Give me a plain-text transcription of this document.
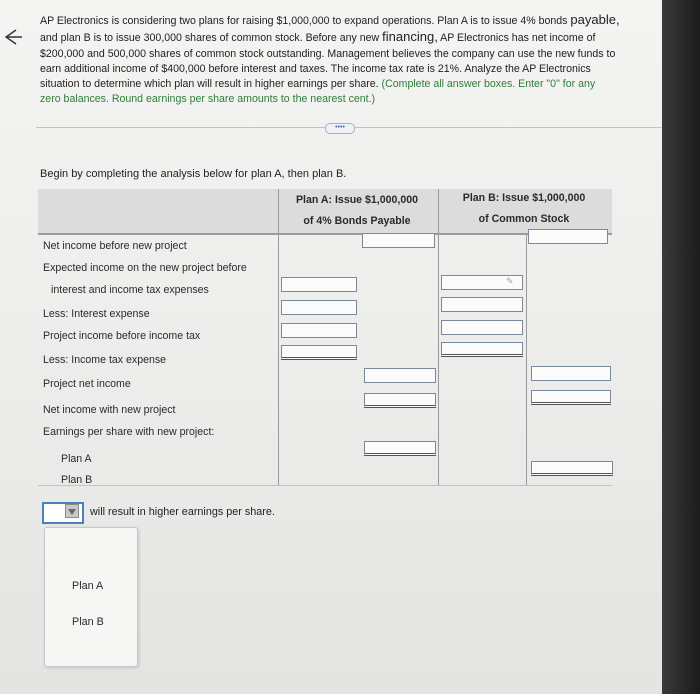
AP Electronics is considering two plans for raising $1,000,000 to expand operations. Plan A is to issue 4% bonds payable,
and plan B is to issue 300,000 shares of common stock. Before any new financing, AP Electronics has net income of
$200,000 and 500,000 shares of common stock outstanding. Management believes the company can use the new funds to
earn additional income of $400,000 before interest and taxes. The income tax rate is 21%. Analyze the AP Electronics
situation to determine which plan will result in higher earnings per share. (Complete all answer boxes. Enter "0" for any
zero balances. Round earnings per share amounts to the nearest cent.)
••••
Begin by completing the analysis below for plan A, then plan B.
Plan A: Issue $1,000,000
of 4% Bonds Payable
Plan B: Issue $1,000,000
of Common Stock
Net income before new project
Expected income on the new project before
interest and income tax expenses
Less: Interest expense
Project income before income tax
Less: Income tax expense
Project net income
Net income with new project
Earnings per share with new project:
Plan A
Plan B
✎
will result in higher earnings per share.
Plan A
Plan B
